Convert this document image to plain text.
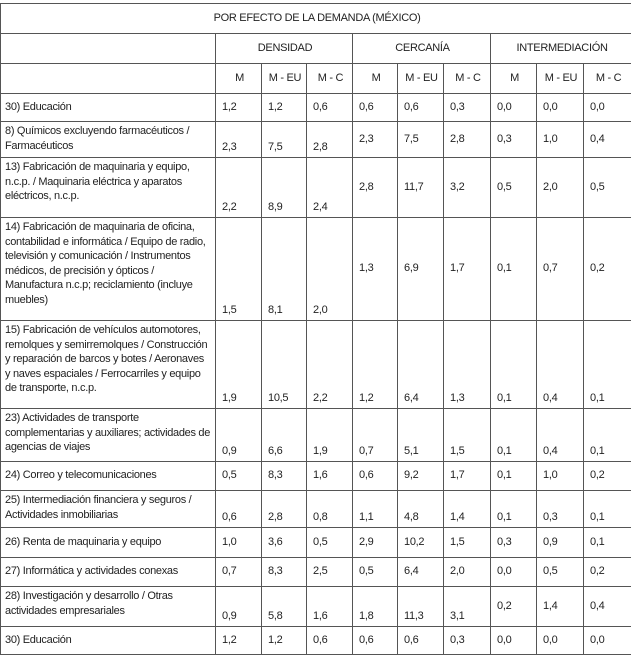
POR EFECTO DE LA DEMANDA (MÉXICO)									
	DENSIDAD			CERCANÍA			INTERMEDIACIÓN		
	M	M - EU	M - C	M	M - EU	M - C	M	M - EU	M - C
30) Educación	1,2	1,2	0,6	0,6	0,6	0,3	0,0	0,0	0,0
8) Químicos excluyendo farmacéuticos / Farmacéuticos	2,3	7,5	2,8	2,3	7,5	2,8	0,3	1,0	0,4
13) Fabricación de maquinaria y equipo, n.c.p. / Maquinaria eléctrica y aparatos eléctricos, n.c.p.	2,2	8,9	2,4	2,8	11,7	3,2	0,5	2,0	0,5
14) Fabricación de maquinaria de oficina, contabilidad e informática / Equipo de radio, televisión y comunicación / Instrumentos médicos, de precisión y ópticos / Manufactura n.c.p; reciclamiento (incluye muebles)	1,5	8,1	2,0	1,3	6,9	1,7	0,1	0,7	0,2
15) Fabricación de vehículos automotores, remolques y semirremolques / Construcción y reparación de barcos y botes / Aeronaves y naves espaciales / Ferrocarriles y equipo de transporte, n.c.p.	1,9	10,5	2,2	1,2	6,4	1,3	0,1	0,4	0,1
23) Actividades de transporte complementarias y auxiliares; actividades de agencias de viajes	0,9	6,6	1,9	0,7	5,1	1,5	0,1	0,4	0,1
24) Correo y telecomunicaciones	0,5	8,3	1,6	0,6	9,2	1,7	0,1	1,0	0,2
25) Intermediación financiera y seguros / Actividades inmobiliarias	0,6	2,8	0,8	1,1	4,8	1,4	0,1	0,3	0,1
26) Renta de maquinaria y equipo	1,0	3,6	0,5	2,9	10,2	1,5	0,3	0,9	0,1
27) Informática y actividades conexas	0,7	8,3	2,5	0,5	6,4	2,0	0,0	0,5	0,2
28) Investigación y desarrollo / Otras actividades empresariales	0,9	5,8	1,6	1,8	11,3	3,1	0,2	1,4	0,4
30) Educación	1,2	1,2	0,6	0,6	0,6	0,3	0,0	0,0	0,0
